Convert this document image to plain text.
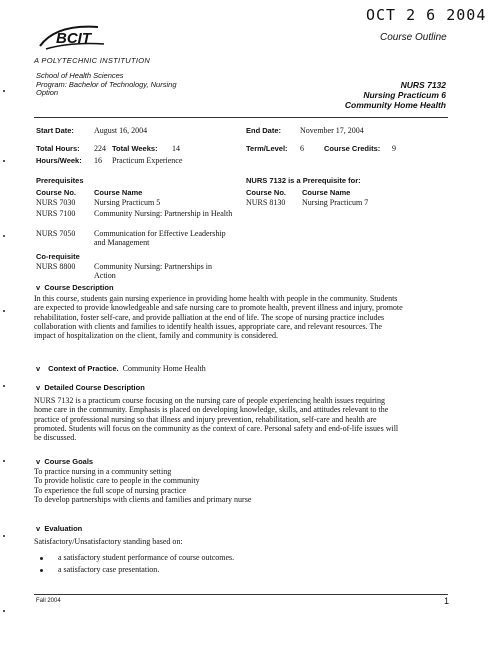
OCT 2 6 2004
Course Outline
BCIT
A POLYTECHNIC INSTITUTION
School of Health Sciences
Program: Bachelor of Technology, Nursing
Option
NURS 7132
Nursing Practicum 6
Community Home Health
Start Date:	August 16, 2004	End Date: November 17, 2004
Total Hours: 224 Total Weeks: 14	Term/Level: 6	Course Credits: 9
Hours/Week: 16 Practicum Experience
Prerequisites
Course No. Course Name
NURS 7030 Nursing Practicum 5
NURS 7100 Community Nursing: Partnership in Health
NURS 7050 Communication for Effective Leadership and Management
Co-requisite
NURS 8800 Community Nursing: Partnerships in Action
NURS 7132 is a Prerequisite for:
Course No. Course Name
NURS 8130 Nursing Practicum 7
v Course Description
In this course, students gain nursing experience in providing home health with people in the community. Students
are expected to provide knowledgeable and safe nursing care to promote health, prevent illness and injury, promote
rehabilitation, foster self-care, and provide palliation at the end of life. The scope of nursing practice includes
collaboration with clients and families to identify health issues, appropriate care, and relevant resources. The
impact of hospitalization on the client, family and community is considered.
v Context of Practice. Community Home Health
v Detailed Course Description
NURS 7132 is a practicum course focusing on the nursing care of people experiencing health issues requiring
home care in the community. Emphasis is placed on developing knowledge, skills, and attitudes relevant to the
practice of professional nursing so that illness and injury prevention, rehabilitation, self-care and health are
promoted. Students will focus on the community as the context of care. Personal safety and end-of-life issues will
be discussed.
v Course Goals
To practice nursing in a community setting
To provide holistic care to people in the community
To experience the full scope of nursing practice
To develop partnerships with clients and families and primary nurse
v Evaluation
Satisfactory/Unsatisfactory standing based on:
a satisfactory student performance of course outcomes.
a satisfactory case presentation.
Fall 2004	1
